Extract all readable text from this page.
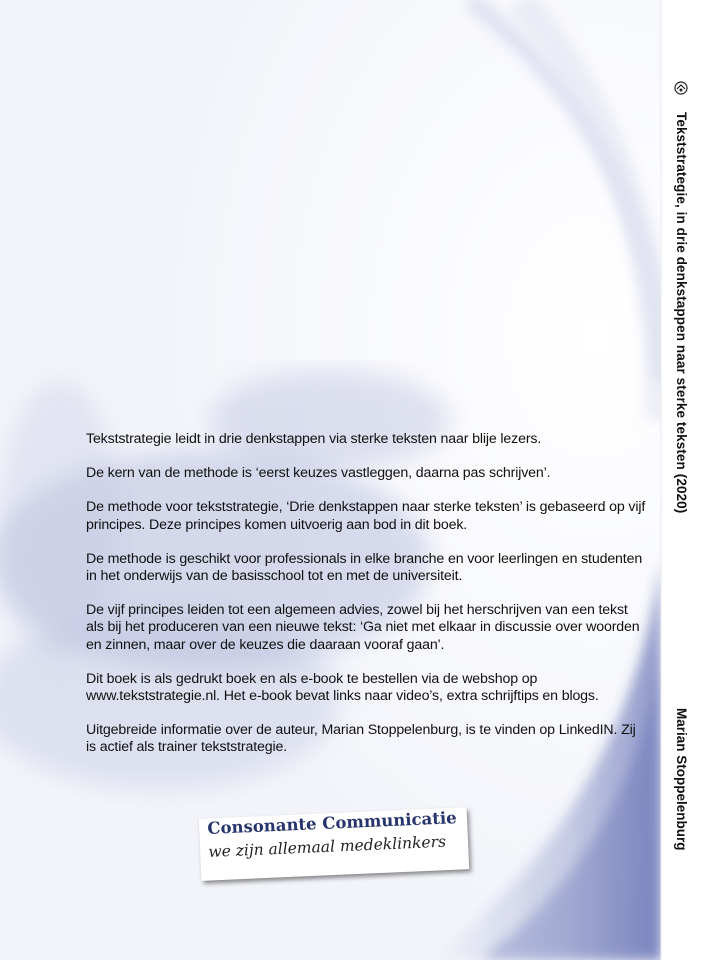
Tekststrategie, in drie denkstappen naar sterke teksten (2020)
Marian Stoppelenburg

Tekststrategie leidt in drie denkstappen via sterke teksten naar blije lezers.

De kern van de methode is ‘eerst keuzes vastleggen, daarna pas schrijven’.

De methode voor tekststrategie, ‘Drie denkstappen naar sterke teksten’ is gebaseerd op vijf principes. Deze principes komen uitvoerig aan bod in dit boek.

De methode is geschikt voor professionals in elke branche en voor leerlingen en studenten in het onderwijs van de basisschool tot en met de universiteit.

De vijf principes leiden tot een algemeen advies, zowel bij het herschrijven van een tekst als bij het produceren van een nieuwe tekst: ‘Ga niet met elkaar in discussie over woorden en zinnen, maar over de keuzes die daaraan vooraf gaan’.

Dit boek is als gedrukt boek en als e-book te bestellen via de webshop op www.tekststrategie.nl. Het e-book bevat links naar video’s, extra schrijftips en blogs.

Uitgebreide informatie over de auteur, Marian Stoppelenburg, is te vinden op LinkedIN. Zij is actief als trainer tekststrategie.

Consonante Communicatie
we zijn allemaal medeklinkers
